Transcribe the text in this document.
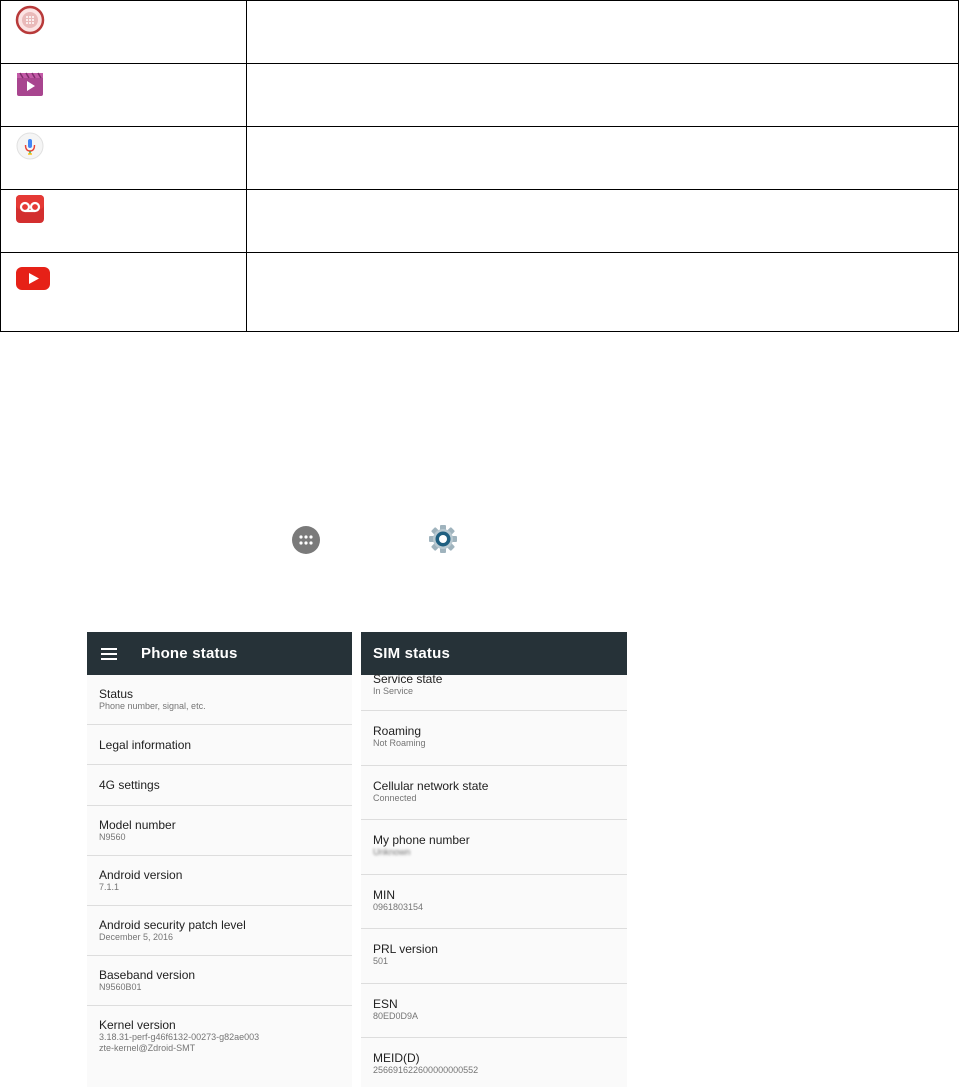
Phone status
Status
Phone number, signal, etc.
Legal information
4G settings
Model number
N9560
Android version
7.1.1
Android security patch level
December 5, 2016
Baseband version
N9560B01
Kernel version
3.18.31-perf-g46f6132-00273-g82ae003
zte-kernel@Zdroid-SMT
SIM status
Service state
In Service
Roaming
Not Roaming
Cellular network state
Connected
My phone number
Unknown
MIN
0961803154
PRL version
501
ESN
80ED0D9A
MEID(D)
256691622600000000552
